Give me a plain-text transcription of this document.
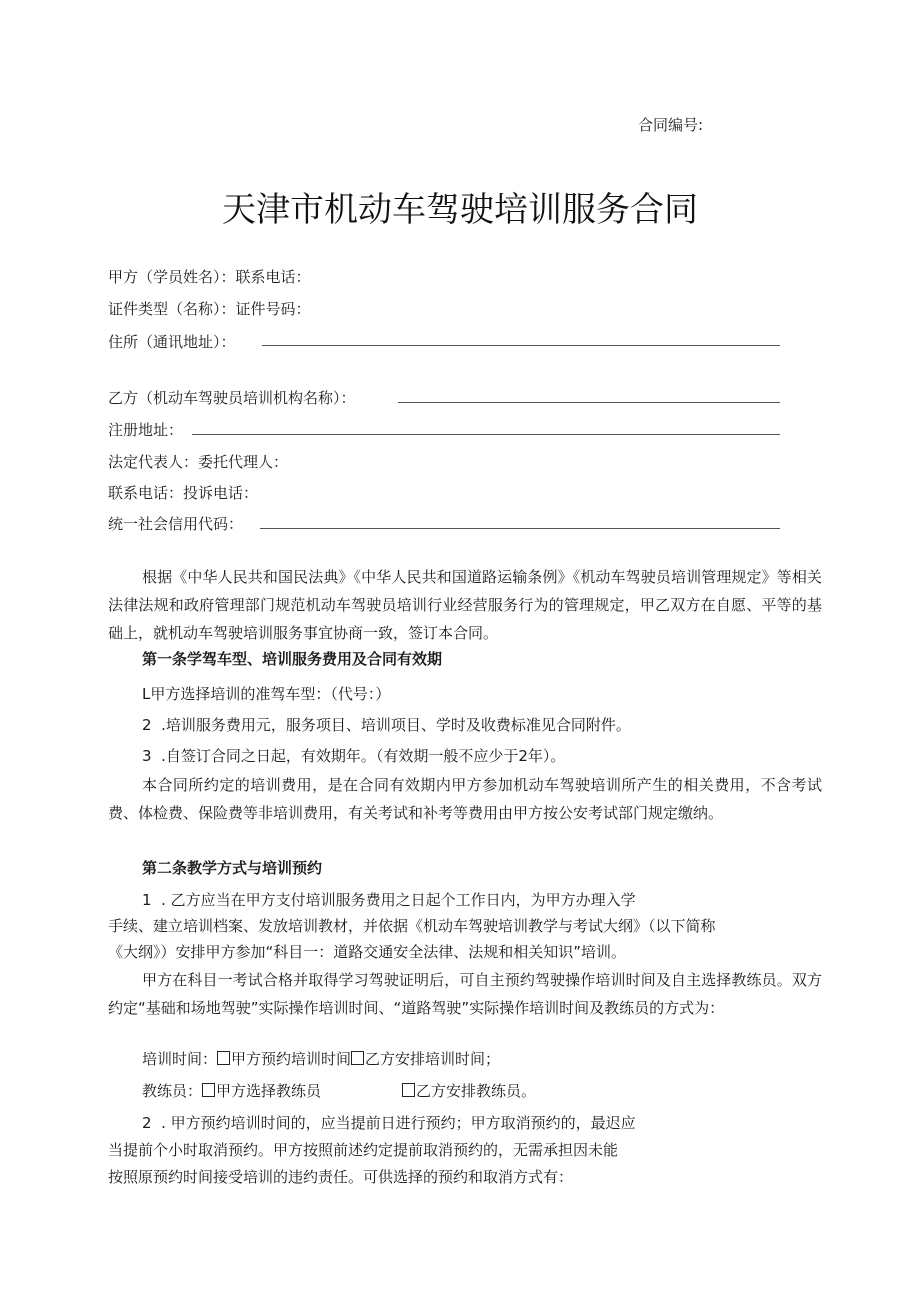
合同编号:
天津市机动车驾驶培训服务合同
甲方（学员姓名）：联系电话：
证件类型（名称）：证件号码：
住所（通讯地址）：
乙方（机动车驾驶员培训机构名称）：
注册地址：
法定代表人：委托代理人：
联系电话：投诉电话：
统一社会信用代码：
根据《中华人民共和国民法典》《中华人民共和国道路运输条例》《机动车驾驶员培训管理规定》等相关法律法规和政府管理部门规范机动车驾驶员培训行业经营服务行为的管理规定，甲乙双方在自愿、平等的基础上，就机动车驾驶培训服务事宜协商一致，签订本合同。
第一条学驾车型、培训服务费用及合同有效期
L甲方选择培训的准驾车型：（代号：）
2  .培训服务费用元，服务项目、培训项目、学时及收费标准见合同附件。
3  .自签订合同之日起，有效期年。（有效期一般不应少于2年）。
本合同所约定的培训费用，是在合同有效期内甲方参加机动车驾驶培训所产生的相关费用，不含考试费、体检费、保险费等非培训费用，有关考试和补考等费用由甲方按公安考试部门规定缴纳。
第二条教学方式与培训预约
1  . 乙方应当在甲方支付培训服务费用之日起个工作日内，为甲方办理入学
手续、建立培训档案、发放培训教材，并依据《机动车驾驶培训教学与考试大纲》（以下简称
《大纲》）安排甲方参加“科目一：道路交通安全法律、法规和相关知识”培训。
甲方在科目一考试合格并取得学习驾驶证明后，可自主预约驾驶操作培训时间及自主选择教练员。双方约定“基础和场地驾驶”实际操作培训时间、“道路驾驶”实际操作培训时间及教练员的方式为：
培训时间： 甲方预约培训时间 乙方安排培训时间；
教练员： 甲方选择教练员	乙方安排教练员。
2  . 甲方预约培训时间的，应当提前日进行预约；甲方取消预约的，最迟应
当提前个小时取消预约。甲方按照前述约定提前取消预约的，无需承担因未能
按照原预约时间接受培训的违约责任。可供选择的预约和取消方式有：
